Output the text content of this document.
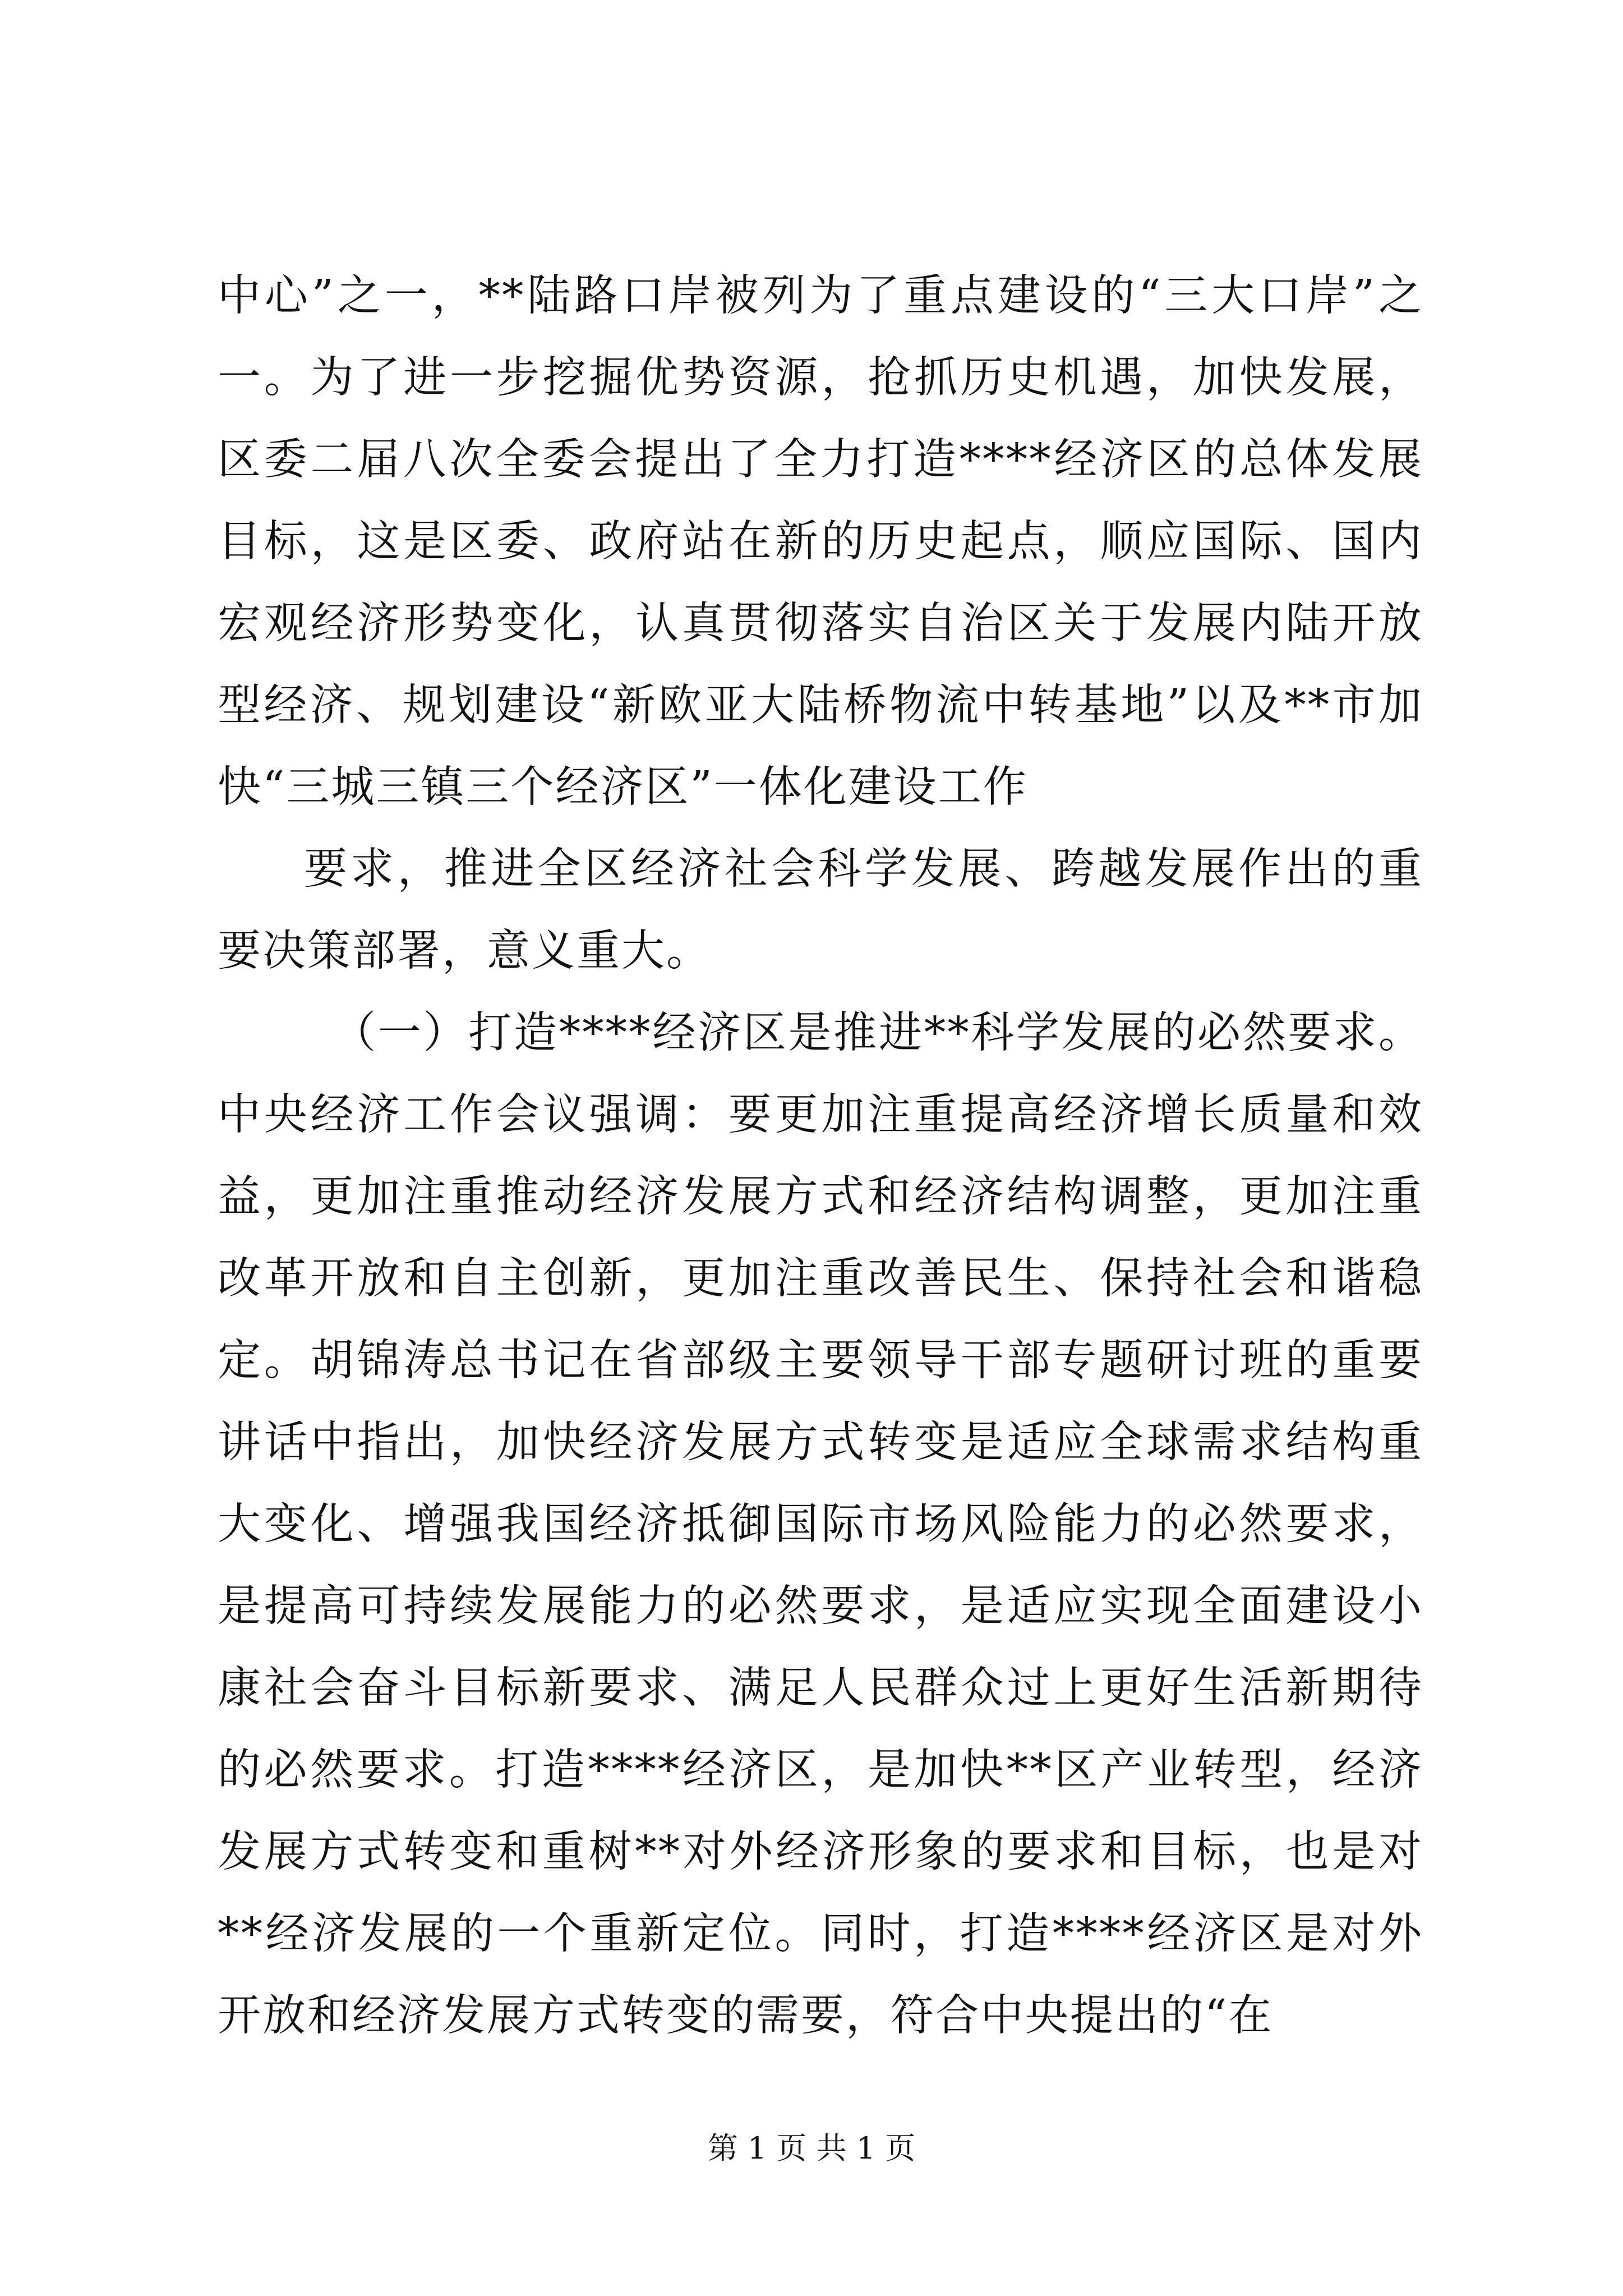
中心”之一，**陆路口岸被列为了重点建设的“三大口岸”之一。为了进一步挖掘优势资源，抢抓历史机遇，加快发展，区委二届八次全委会提出了全力打造****经济区的总体发展目标，这是区委、政府站在新的历史起点，顺应国际、国内宏观经济形势变化，认真贯彻落实自治区关于发展内陆开放型经济、规划建设“新欧亚大陆桥物流中转基地”以及**市加快“三城三镇三个经济区”一体化建设工作

要求，推进全区经济社会科学发展、跨越发展作出的重要决策部署，意义重大。

（一）打造****经济区是推进**科学发展的必然要求。中央经济工作会议强调：要更加注重提高经济增长质量和效益，更加注重推动经济发展方式和经济结构调整，更加注重改革开放和自主创新，更加注重改善民生、保持社会和谐稳定。胡锦涛总书记在省部级主要领导干部专题研讨班的重要讲话中指出，加快经济发展方式转变是适应全球需求结构重大变化、增强我国经济抵御国际市场风险能力的必然要求，是提高可持续发展能力的必然要求，是适应实现全面建设小康社会奋斗目标新要求、满足人民群众过上更好生活新期待的必然要求。打造****经济区，是加快**区产业转型，经济发展方式转变和重树**对外经济形象的要求和目标，也是对**经济发展的一个重新定位。同时，打造****经济区是对外开放和经济发展方式转变的需要，符合中央提出的“在

第 1 页 共 1 页
